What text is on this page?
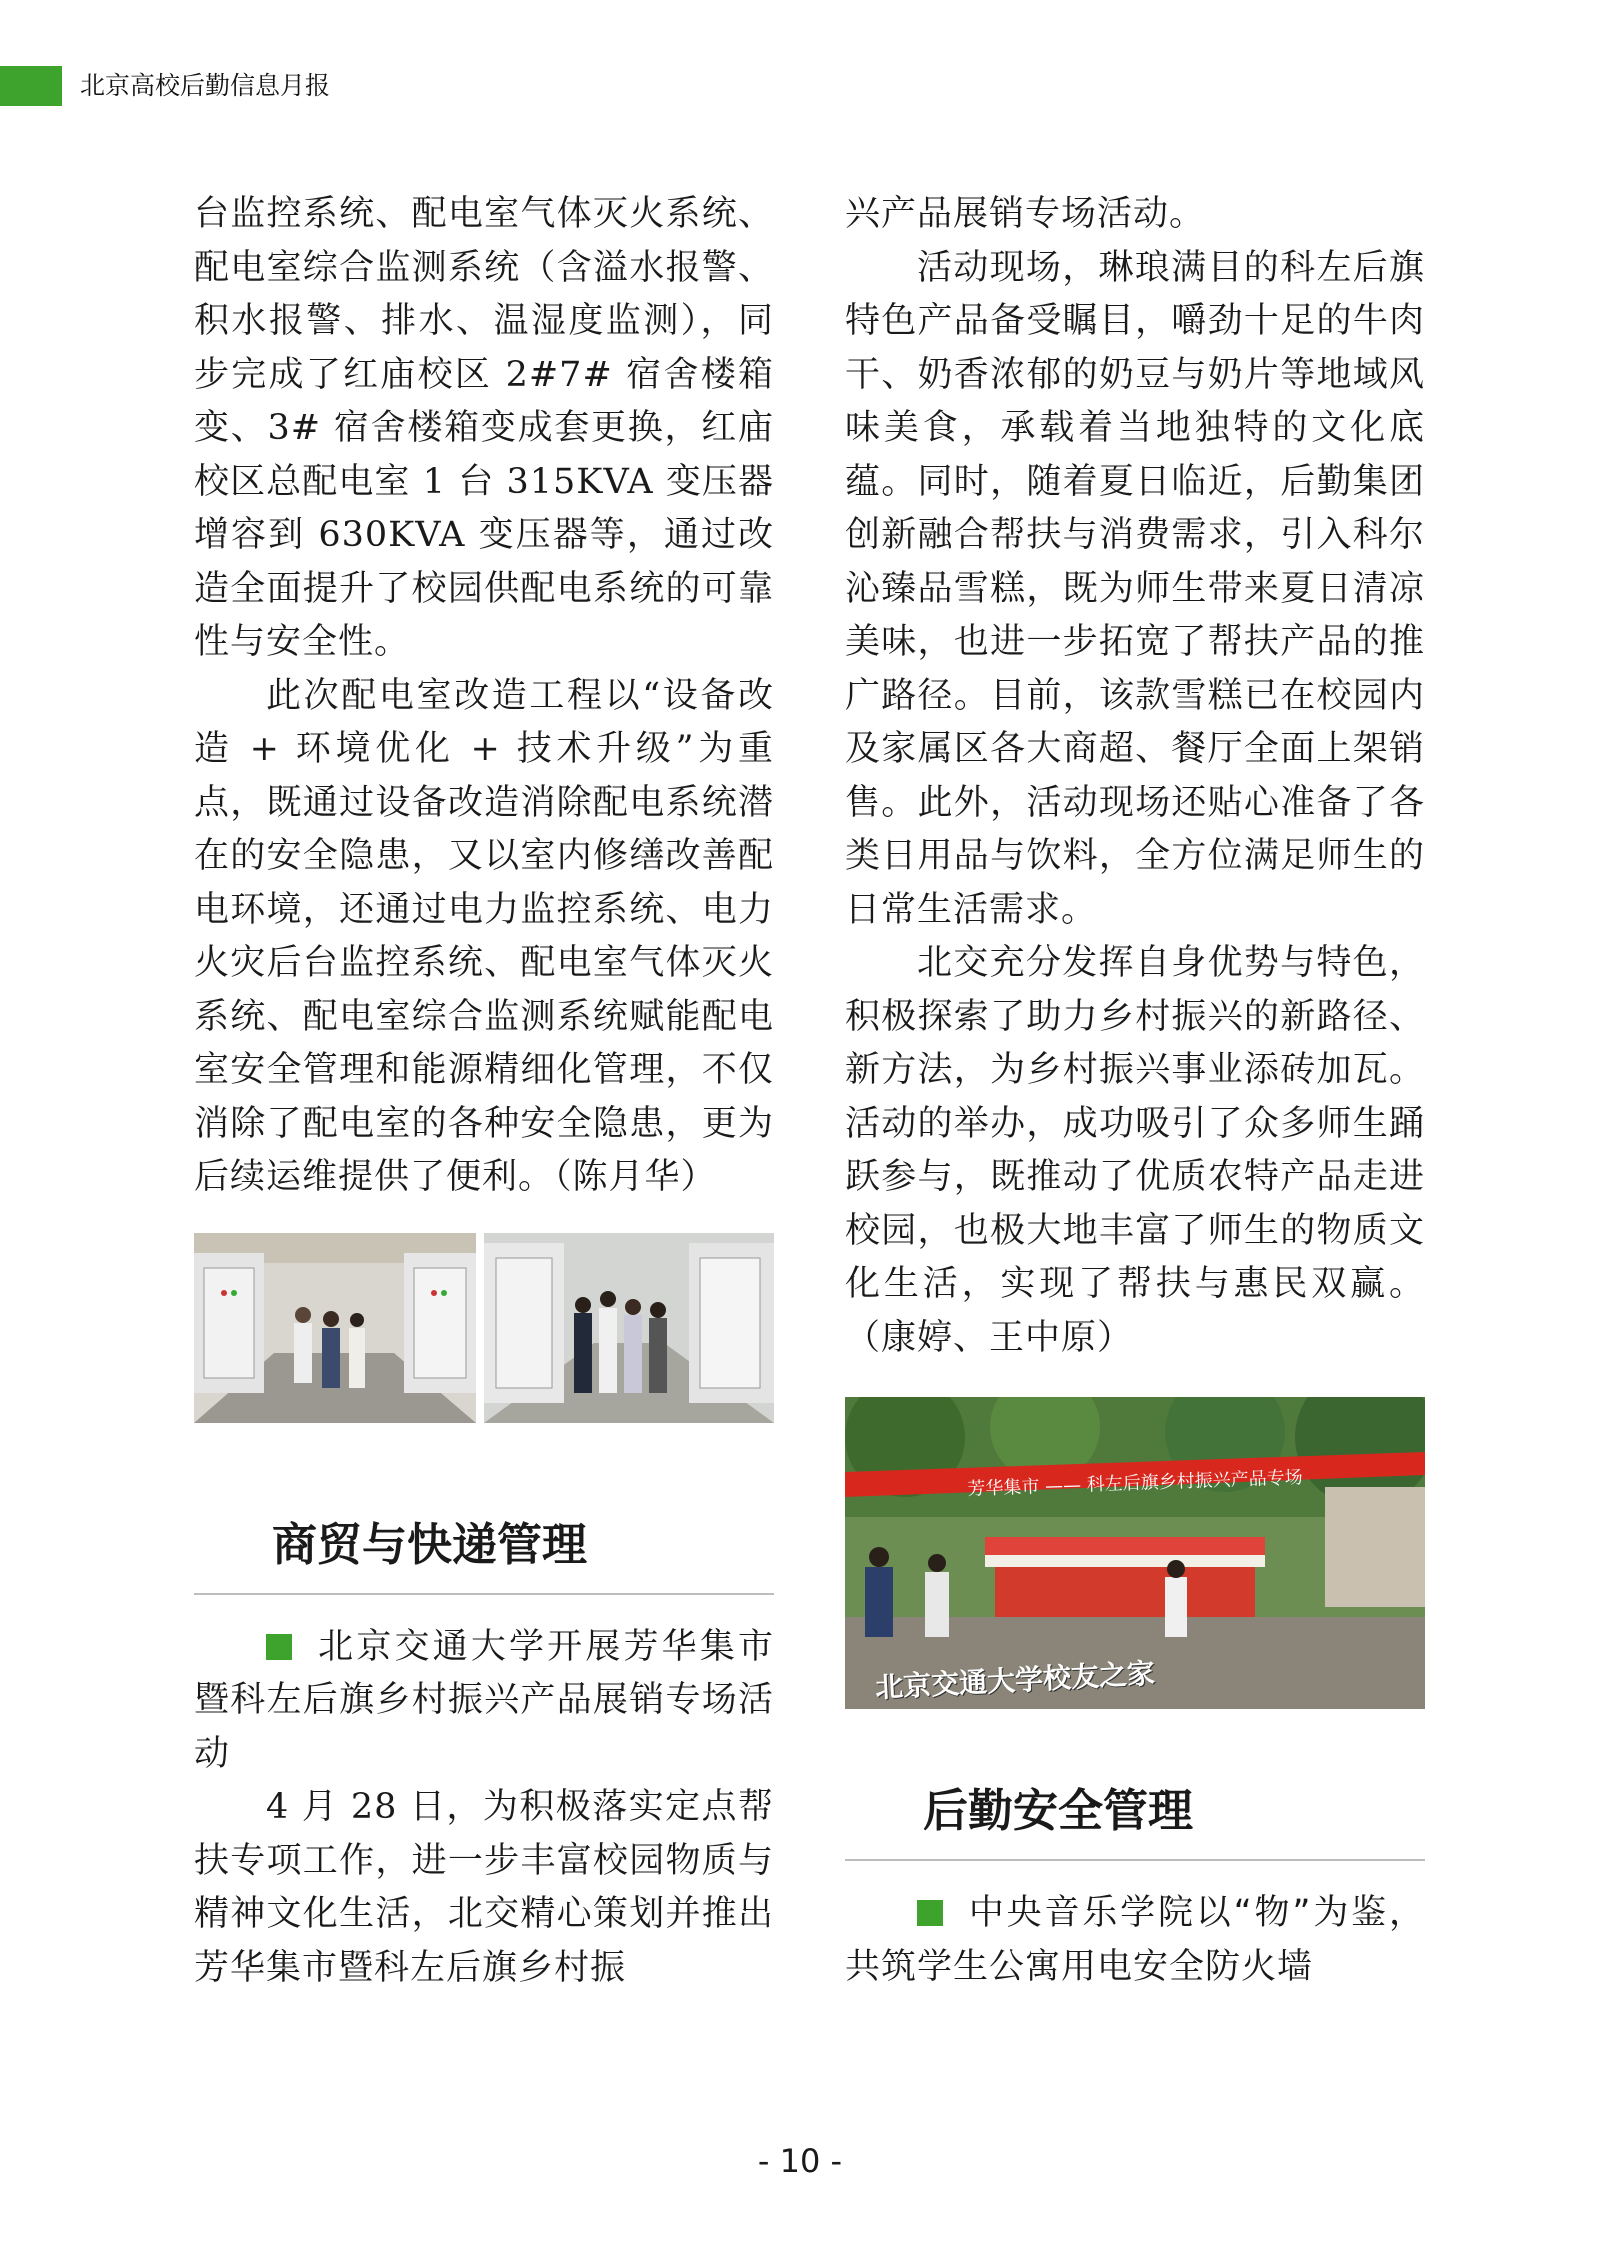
北京高校后勤信息月报

台监控系统、配电室气体灭火系统、配电室综合监测系统（含溢水报警、积水报警、排水、温湿度监测），同步完成了红庙校区 2#7# 宿舍楼箱变、3# 宿舍楼箱变成套更换，红庙校区总配电室 1 台 315KVA 变压器增容到 630KVA 变压器等，通过改造全面提升了校园供配电系统的可靠性与安全性。

此次配电室改造工程以“设备改造 + 环境优化 + 技术升级”为重点，既通过设备改造消除配电系统潜在的安全隐患，又以室内修缮改善配电环境，还通过电力监控系统、电力火灾后台监控系统、配电室气体灭火系统、配电室综合监测系统赋能配电室安全管理和能源精细化管理，不仅消除了配电室的各种安全隐患，更为后续运维提供了便利。（陈月华）

商贸与快递管理

北京交通大学开展芳华集市暨科左后旗乡村振兴产品展销专场活动

4 月 28 日，为积极落实定点帮扶专项工作，进一步丰富校园物质与精神文化生活，北交精心策划并推出芳华集市暨科左后旗乡村振

兴产品展销专场活动。

活动现场，琳琅满目的科左后旗特色产品备受瞩目，嚼劲十足的牛肉干、奶香浓郁的奶豆与奶片等地域风味美食，承载着当地独特的文化底蕴。同时，随着夏日临近，后勤集团创新融合帮扶与消费需求，引入科尔沁臻品雪糕，既为师生带来夏日清凉美味，也进一步拓宽了帮扶产品的推广路径。目前，该款雪糕已在校园内及家属区各大商超、餐厅全面上架销售。此外，活动现场还贴心准备了各类日用品与饮料，全方位满足师生的日常生活需求。

北交充分发挥自身优势与特色，积极探索了助力乡村振兴的新路径、新方法，为乡村振兴事业添砖加瓦。活动的举办，成功吸引了众多师生踊跃参与，既推动了优质农特产品走进校园，也极大地丰富了师生的物质文化生活，实现了帮扶与惠民双赢。（康婷、王中原）

芳华集市 —— 科左后旗乡村振兴产品专场
北京交通大学校友之家
后勤安全管理

中央音乐学院以“物”为鉴，共筑学生公寓用电安全防火墙

- 10 -
